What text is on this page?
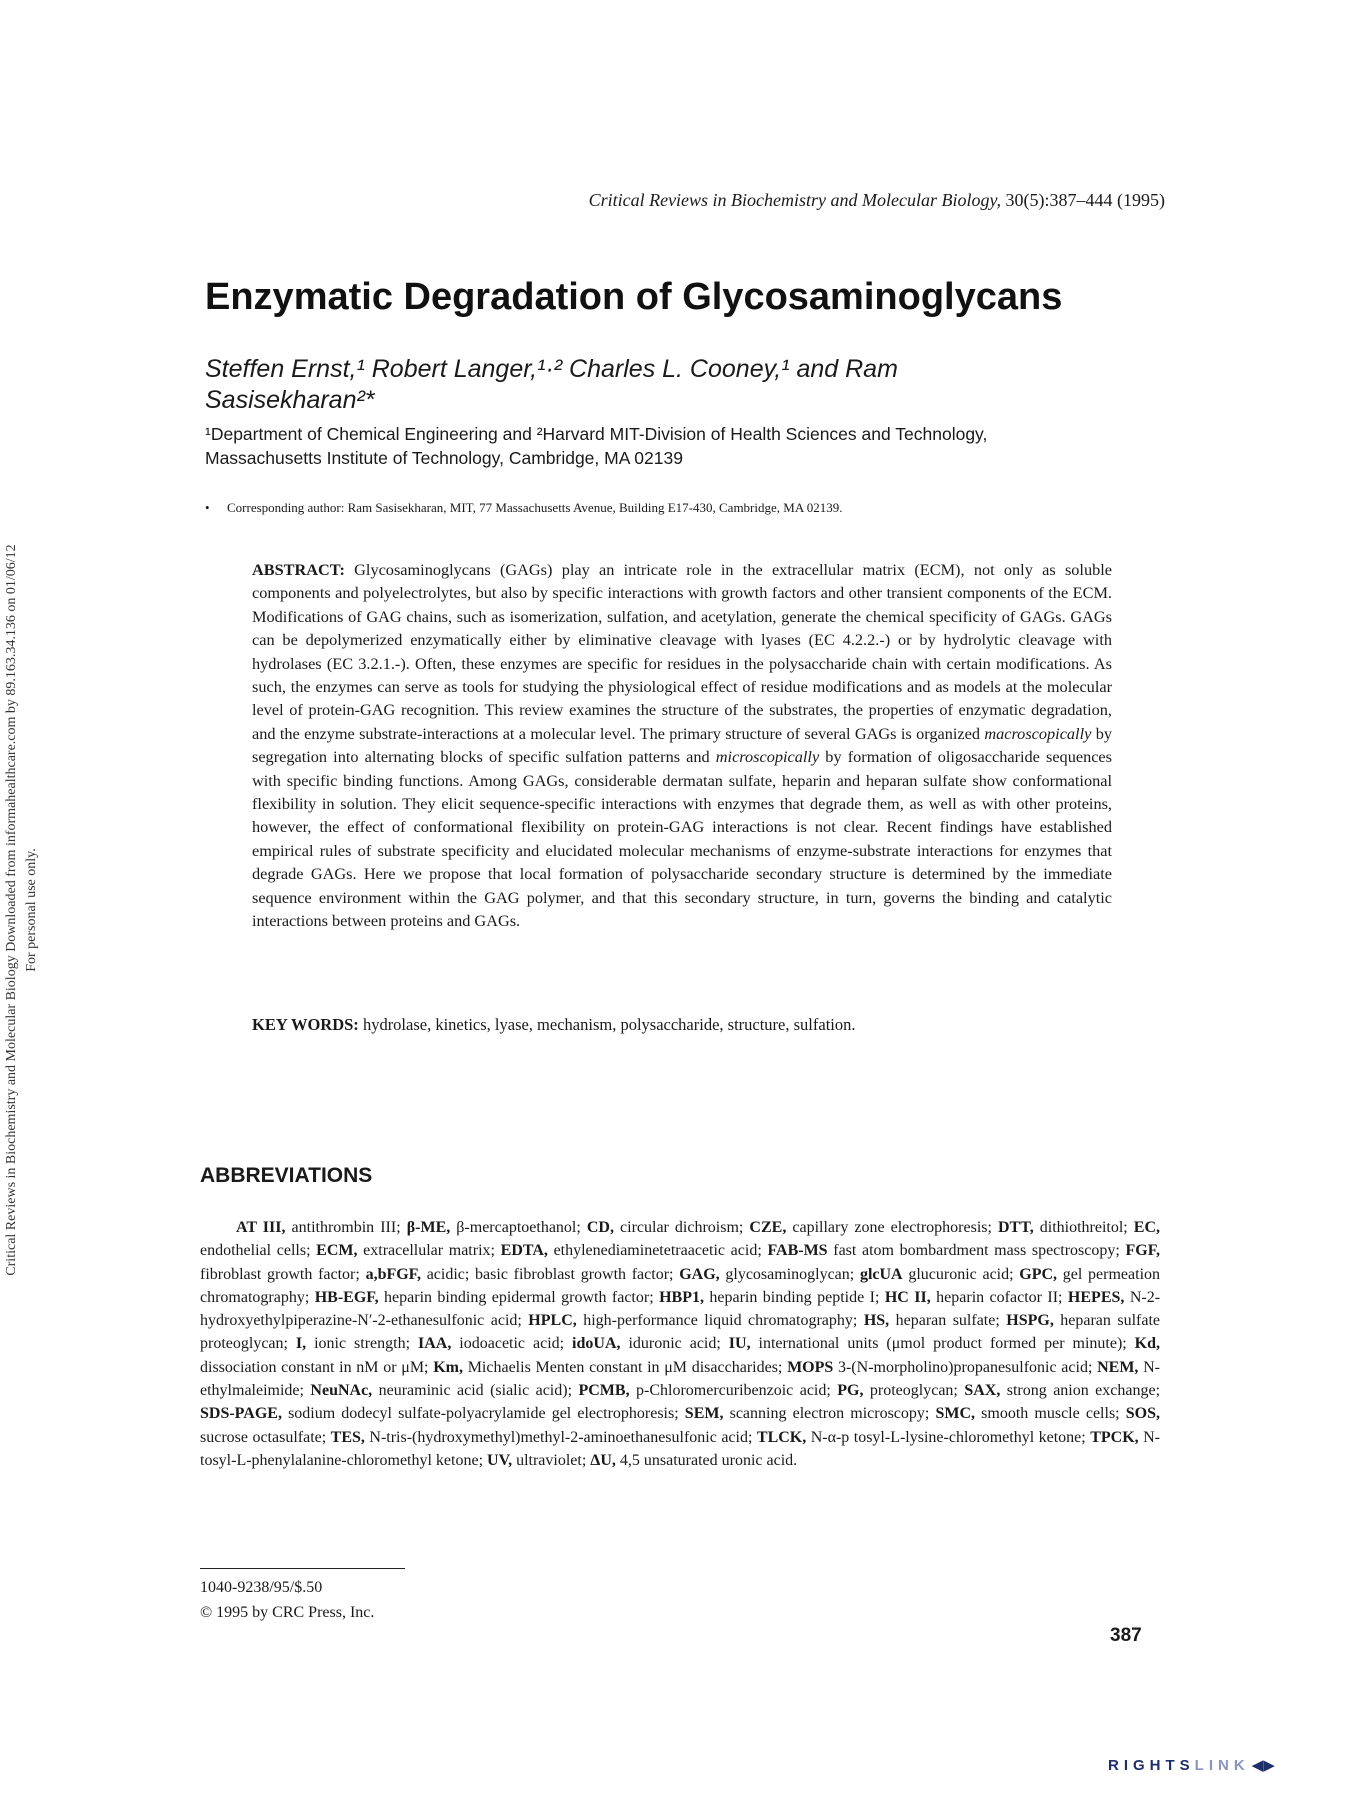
Critical Reviews in Biochemistry and Molecular Biology Downloaded from informahealthcare.com by 89.163.34.136 on 01/06/12 For personal use only.
Critical Reviews in Biochemistry and Molecular Biology, 30(5):387–444 (1995)
Enzymatic Degradation of Glycosaminoglycans
Steffen Ernst,¹ Robert Langer,¹·² Charles L. Cooney,¹ and Ram
Sasisekharan²*
¹Department of Chemical Engineering and ²Harvard MIT-Division of Health Sciences and Technology,
Massachusetts Institute of Technology, Cambridge, MA 02139
• Corresponding author: Ram Sasisekharan, MIT, 77 Massachusetts Avenue, Building E17-430, Cambridge, MA 02139.
ABSTRACT: Glycosaminoglycans (GAGs) play an intricate role in the extracellular matrix (ECM), not only as soluble components and polyelectrolytes, but also by specific interactions with growth factors and other transient components of the ECM. Modifications of GAG chains, such as isomerization, sulfation, and acetylation, generate the chemical specificity of GAGs. GAGs can be depolymerized enzymatically either by eliminative cleavage with lyases (EC 4.2.2.-) or by hydrolytic cleavage with hydrolases (EC 3.2.1.-). Often, these enzymes are specific for residues in the polysaccharide chain with certain modifications. As such, the enzymes can serve as tools for studying the physiological effect of residue modifications and as models at the molecular level of protein-GAG recognition. This review examines the structure of the substrates, the properties of enzymatic degradation, and the enzyme substrate-interactions at a molecular level. The primary structure of several GAGs is organized macroscopically by segregation into alternating blocks of specific sulfation patterns and microscopically by formation of oligosaccharide sequences with specific binding functions. Among GAGs, considerable dermatan sulfate, heparin and heparan sulfate show conformational flexibility in solution. They elicit sequence-specific interactions with enzymes that degrade them, as well as with other proteins, however, the effect of conformational flexibility on protein-GAG interactions is not clear. Recent findings have established empirical rules of substrate specificity and elucidated molecular mechanisms of enzyme-substrate interactions for enzymes that degrade GAGs. Here we propose that local formation of polysaccharide secondary structure is determined by the immediate sequence environment within the GAG polymer, and that this secondary structure, in turn, governs the binding and catalytic interactions between proteins and GAGs.
KEY WORDS: hydrolase, kinetics, lyase, mechanism, polysaccharide, structure, sulfation.
ABBREVIATIONS
AT III, antithrombin III; β-ME, β-mercaptoethanol; CD, circular dichroism; CZE, capillary zone electrophoresis; DTT, dithiothreitol; EC, endothelial cells; ECM, extracellular matrix; EDTA, ethylenediaminetetraacetic acid; FAB-MS fast atom bombardment mass spectroscopy; FGF, fibroblast growth factor; a,bFGF, acidic; basic fibroblast growth factor; GAG, glycosaminoglycan; glcUA glucuronic acid; GPC, gel permeation chromatography; HB-EGF, heparin binding epidermal growth factor; HBP1, heparin binding peptide I; HC II, heparin cofactor II; HEPES, N-2-hydroxyethylpiperazine-N′-2-ethanesulfonic acid; HPLC, high-performance liquid chromatography; HS, heparan sulfate; HSPG, heparan sulfate proteoglycan; I, ionic strength; IAA, iodoacetic acid; idoUA, iduronic acid; IU, international units (μmol product formed per minute); Kd, dissociation constant in nM or μM; Km, Michaelis Menten constant in μM disaccharides; MOPS 3-(N-morpholino)propanesulfonic acid; NEM, N-ethylmaleimide; NeuNAc, neuraminic acid (sialic acid); PCMB, p-Chloromercuribenzoic acid; PG, proteoglycan; SAX, strong anion exchange; SDS-PAGE, sodium dodecyl sulfate-polyacrylamide gel electrophoresis; SEM, scanning electron microscopy; SMC, smooth muscle cells; SOS, sucrose octasulfate; TES, N-tris-(hydroxymethyl)methyl-2-aminoethanesulfonic acid; TLCK, N-α-p tosyl-L-lysine-chloromethyl ketone; TPCK, N-tosyl-L-phenylalanine-chloromethyl ketone; UV, ultraviolet; ΔU, 4,5 unsaturated uronic acid.
1040-9238/95/$.50
© 1995 by CRC Press, Inc.
387
RIGHTSLINK ◀▶
